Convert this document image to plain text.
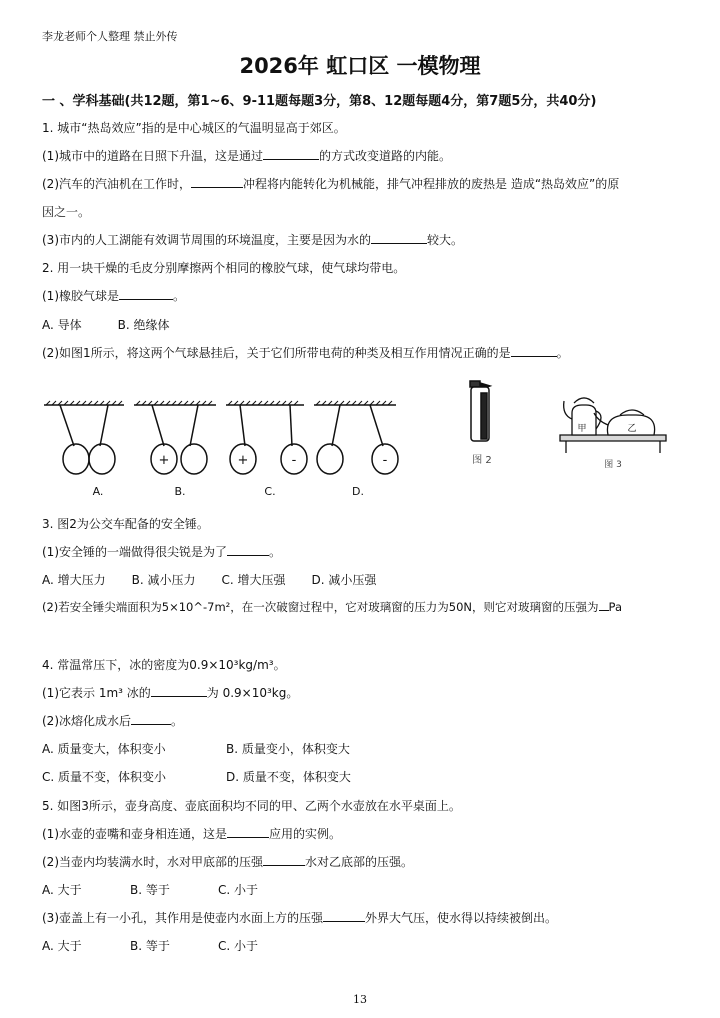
李龙老师个人整理 禁止外传
2026年 虹口区 一模物理
一 、学科基础(共12题，第1~6、9-11题每题3分，第8、12题每题4分，第7题5分，共40分)
1. 城市“热岛效应”指的是中心城区的气温明显高于郊区。
(1)城市中的道路在日照下升温，这是通过	的方式改变道路的内能。
(2)汽车的汽油机在工作时，	冲程将内能转化为机械能，排气冲程排放的废热是 造成“热岛效应”的原
因之一。
(3)市内的人工湖能有效调节周围的环境温度，主要是因为水的	较大。
2. 用一块干燥的毛皮分别摩擦两个相同的橡胶气球，使气球均带电。
(1)橡胶气球是	。
A. 导体	B. 绝缘体
(2)如图1所示，将这两个气球悬挂后，关于它们所带电荷的种类及相互作用情况正确的是	。
+	+	-	-
A.	B.	C.	D.
图 2
甲	乙
图 3
3. 图2为公交车配备的安全锤。
(1)安全锤的一端做得很尖锐是为了	。
A. 增大压力 B. 减小压力 C. 增大压强 D. 减小压强
(2)若安全锤尖端面积为5×10^-7m²，在一次破窗过程中，它对玻璃窗的压力为50N，则它对玻璃窗的压强为 Pa
4. 常温常压下，冰的密度为0.9×10³kg/m³。
(1)它表示 1m³ 冰的	为 0.9×10³kg。
(2)冰熔化成水后	。
A. 质量变大，体积变小	B. 质量变小，体积变大
C. 质量不变，体积变小	D. 质量不变，体积变大
5. 如图3所示，壶身高度、壶底面积均不同的甲、乙两个水壶放在水平桌面上。
(1)水壶的壶嘴和壶身相连通，这是	应用的实例。
(2)当壶内均装满水时，水对甲底部的压强	水对乙底部的压强。
A. 大于	B. 等于	C. 小于
(3)壶盖上有一小孔，其作用是使壶内水面上方的压强	外界大气压，使水得以持续被倒出。
A. 大于	B. 等于	C. 小于
13
